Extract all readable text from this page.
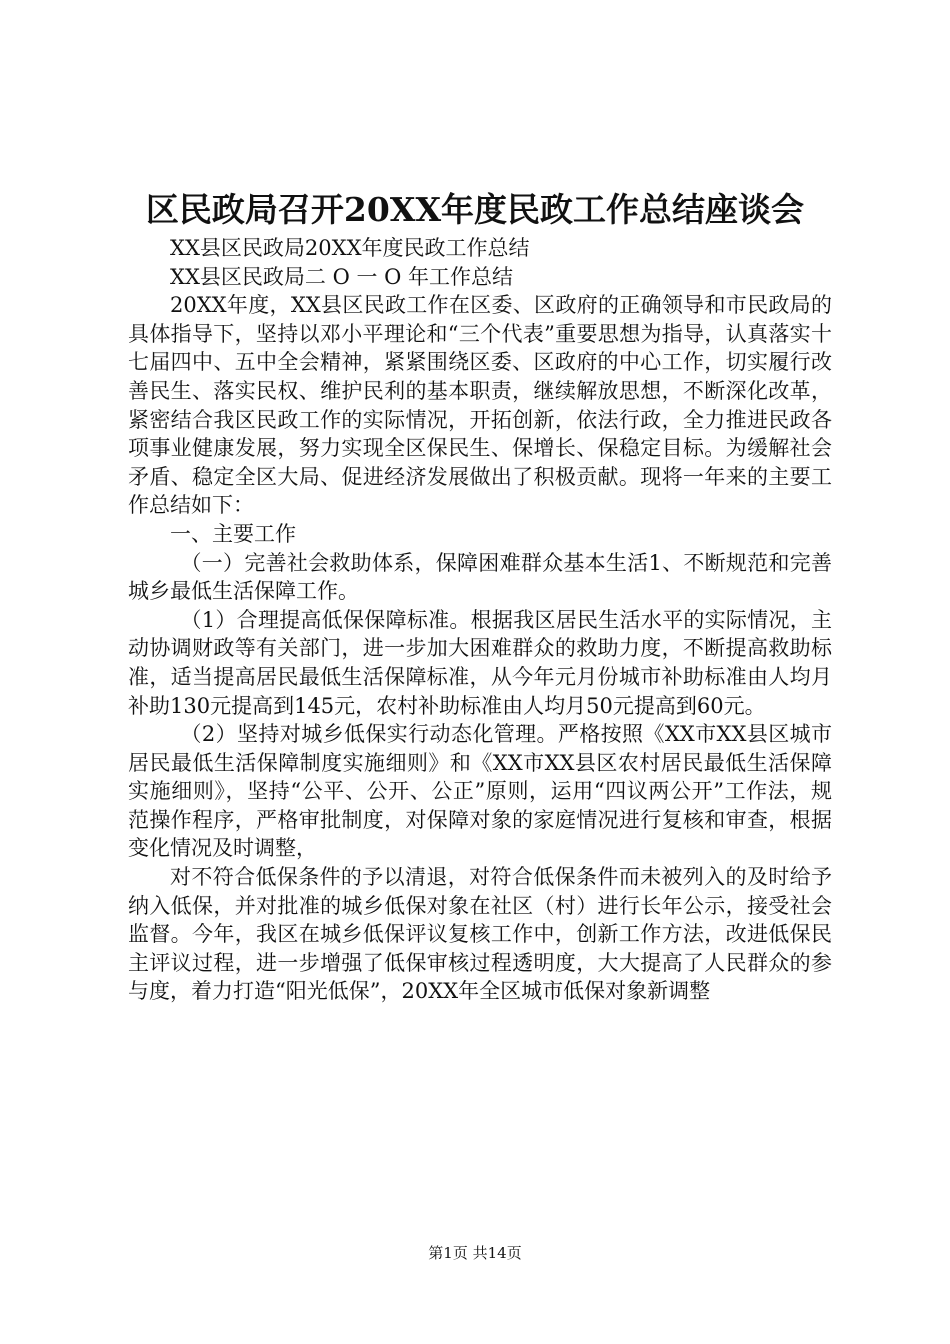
区民政局召开20XX年度民政工作总结座谈会

XX县区民政局20XX年度民政工作总结

XX县区民政局二 O 一 O 年工作总结

20XX年度，XX县区民政工作在区委、区政府的正确领导和市民政局的具体指导下，坚持以邓小平理论和“三个代表”重要思想为指导，认真落实十七届四中、五中全会精神，紧紧围绕区委、区政府的中心工作，切实履行改善民生、落实民权、维护民利的基本职责，继续解放思想，不断深化改革，紧密结合我区民政工作的实际情况，开拓创新，依法行政，全力推进民政各项事业健康发展，努力实现全区保民生、保增长、保稳定目标。为缓解社会矛盾、稳定全区大局、促进经济发展做出了积极贡献。现将一年来的主要工作总结如下：

一、主要工作

（一）完善社会救助体系，保障困难群众基本生活1、不断规范和完善城乡最低生活保障工作。

（1）合理提高低保保障标准。根据我区居民生活水平的实际情况，主动协调财政等有关部门，进一步加大困难群众的救助力度，不断提高救助标准，适当提高居民最低生活保障标准，从今年元月份城市补助标准由人均月补助130元提高到145元，农村补助标准由人均月50元提高到60元。

（2）坚持对城乡低保实行动态化管理。严格按照《XX市XX县区城市居民最低生活保障制度实施细则》和《XX市XX县区农村居民最低生活保障实施细则》，坚持“公平、公开、公正”原则，运用“四议两公开”工作法，规范操作程序，严格审批制度，对保障对象的家庭情况进行复核和审查，根据变化情况及时调整，

对不符合低保条件的予以清退，对符合低保条件而未被列入的及时给予纳入低保，并对批准的城乡低保对象在社区（村）进行长年公示，接受社会监督。今年，我区在城乡低保评议复核工作中，创新工作方法，改进低保民主评议过程，进一步增强了低保审核过程透明度，大大提高了人民群众的参与度，着力打造“阳光低保”，20XX年全区城市低保对象新调整

第1页 共14页
